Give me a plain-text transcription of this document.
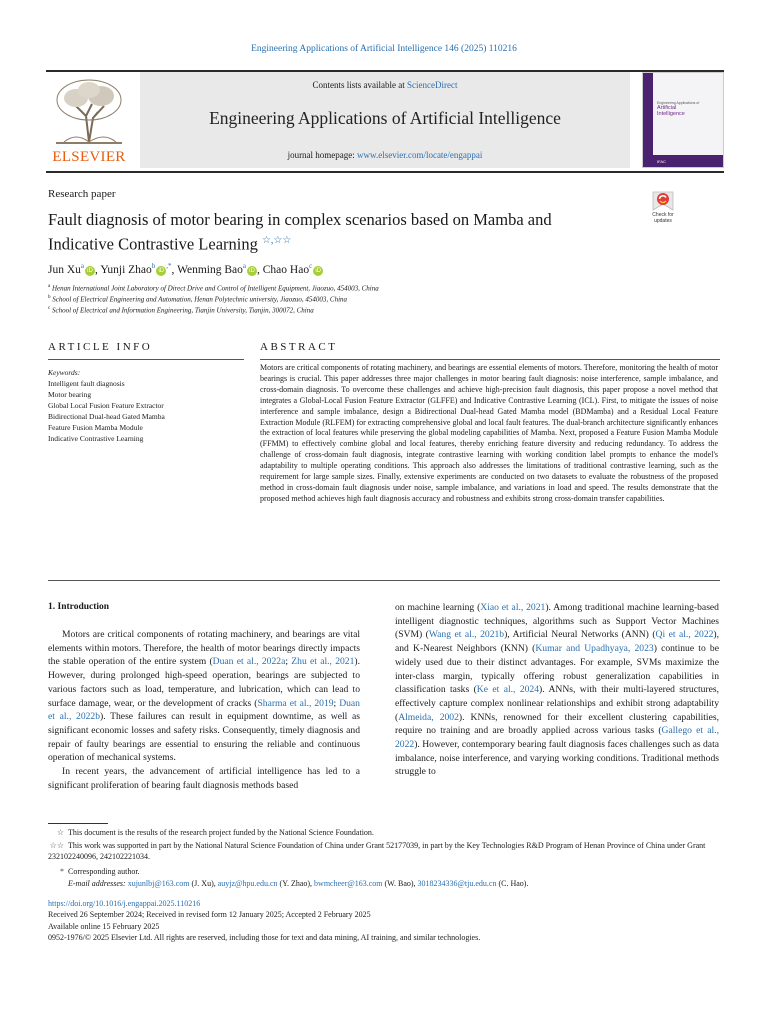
Engineering Applications of Artificial Intelligence 146 (2025) 110216
ELSEVIER
Contents lists available at ScienceDirect
Engineering Applications of Artificial Intelligence
journal homepage: www.elsevier.com/locate/engappai
Engineering Applications of
Artificial
Intelligence
IFAC
Research paper
Fault diagnosis of motor bearing in complex scenarios based on Mamba and
Indicative Contrastive Learning ☆,☆☆
Check for
updates
Jun Xu$^a$iD , Yunji Zhao$^b$iD,*, Wenming Bao$^a$iD , Chao Hao$^c$iD
$^a$ Henan International Joint Laboratory of Direct Drive and Control of Intelligent Equipment, Jiaozuo, 454003, China
$^b$ School of Electrical Engineering and Automation, Henan Polytechnic university, Jiaozuo, 454003, China
$^c$ School of Electrical and Information Engineering, Tianjin University, Tianjin, 300072, China
ARTICLE INFO	ABSTRACT
Keywords:
Intelligent fault diagnosis
Motor bearing
Global Local Fusion Feature Extractor
Bidirectional Dual-head Gated Mamba
Feature Fusion Mamba Module
Indicative Contrastive Learning
Motors are critical components of rotating machinery, and bearings are essential elements of motors. Therefore, monitoring the health of motor bearings is crucial. This paper addresses three major challenges in motor bearing fault diagnosis: noise interference, sample imbalance, and cross-domain diagnosis. To overcome these challenges and achieve high-precision fault diagnosis, this paper propose a novel method that integrates a Global-Local Fusion Feature Extractor (GLFFE) and Indicative Contrastive Learning (ICL). First, to mitigate the issues of noise interference and sample imbalance, design a Bidirectional Dual-head Gated Mamba model (BDMamba) and a Residual Local Feature Extraction Module (RLFEM) for extracting comprehensive global and local fault features. The dual-branch architecture significantly enhances the extraction of local features while preserving the global modeling capabilities of Mamba. Next, proposed a Feature Fusion Mamba Module (FFMM) to effectively combine global and local features, thereby enriching feature diversity and reducing redundancy. To address the challenge of cross-domain fault diagnosis, integrate contrastive learning with working condition label prompts to enhance the model's adaptability to multiple operating conditions. This approach also addresses the limitations of traditional contrastive learning, such as the requirement for large sample sizes. Finally, extensive experiments are conducted on two datasets to evaluate the robustness of the proposed method in cross-domain fault diagnosis under noise, sample imbalance, and variations in load and speed. The results demonstrate that the proposed method achieves high fault diagnosis accuracy and robustness and exhibits strong cross-domain transfer capabilities.
1. Introduction

Motors are critical components of rotating machinery, and bearings are vital elements within motors. Therefore, the health of motor bearings directly impacts the stable operation of the entire system (Duan et al., 2022a; Zhu et al., 2021). However, during prolonged high-speed operation, bearings are subjected to various factors such as load, temperature, and lubrication, which can lead to surface damage, wear, or the development of cracks (Sharma et al., 2019; Duan et al., 2022b). These failures can result in equipment downtime, as well as significant economic losses and safety risks. Consequently, timely diagnosis and repair of faulty bearings are essential to ensuring the reliable and continuous operation of mechanical systems.

In recent years, the advancement of artificial intelligence has led to a significant proliferation of bearing fault diagnosis methods based

on machine learning (Xiao et al., 2021). Among traditional machine learning-based intelligent diagnostic techniques, algorithms such as Support Vector Machines (SVM) (Wang et al., 2021b), Artificial Neural Networks (ANN) (Qi et al., 2022), and K-Nearest Neighbors (KNN) (Kumar and Upadhyaya, 2023) continue to be widely used due to their distinct advantages. For example, SVMs maximize the inter-class margin, typically offering robust generalization capabilities in classification tasks (Ke et al., 2024). ANNs, with their multi-layered structures, effectively capture complex nonlinear relationships and exhibit strong adaptability (Almeida, 2002). KNNs, renowned for their excellent clustering capabilities, require no training and are broadly applied across various tasks (Gallego et al., 2022). However, contemporary bearing fault diagnosis faces challenges such as data imbalance, noise interference, and varying working conditions. Traditional methods struggle to

☆ This document is the results of the research project funded by the National Science Foundation.
☆☆ This work was supported in part by the National Natural Science Foundation of China under Grant 52177039, in part by the Key Technologies R&D Program of Henan Province of China under Grant 232102240096, 242102221034.
* Corresponding author.
E-mail addresses: xujunlbj@163.com (J. Xu), auyjz@hpu.edu.cn (Y. Zhao), bwmcheer@163.com (W. Bao), 3018234336@tju.edu.cn (C. Hao).
https://doi.org/10.1016/j.engappai.2025.110216
Received 26 September 2024; Received in revised form 12 January 2025; Accepted 2 February 2025
Available online 15 February 2025
0952-1976/© 2025 Elsevier Ltd. All rights are reserved, including those for text and data mining, AI training, and similar technologies.
